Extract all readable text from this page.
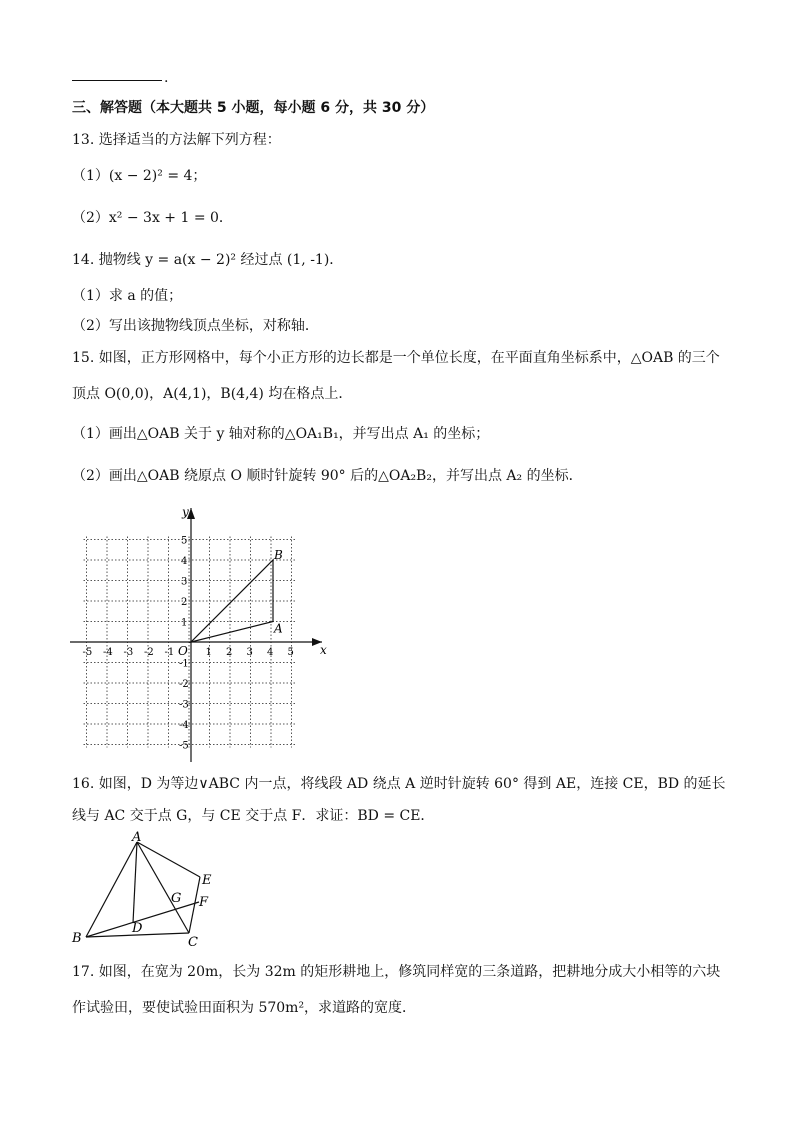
.
三、解答题（本大题共 5 小题，每小题 6 分，共 30 分）
13. 选择适当的方法解下列方程：
（1）(x − 2)² = 4；
（2）x² − 3x + 1 = 0．
14. 抛物线 y = a(x − 2)² 经过点 (1, -1)．
（1）求 a 的值；
（2）写出该抛物线顶点坐标，对称轴．
15. 如图，正方形网格中，每个小正方形的边长都是一个单位长度，在平面直角坐标系中，△OAB 的三个
顶点 O(0,0)，A(4,1)，B(4,4) 均在格点上．
（1）画出△OAB 关于 y 轴对称的△OA₁B₁，并写出点 A₁ 的坐标；
（2）画出△OAB 绕原点 O 顺时针旋转 90° 后的△OA₂B₂，并写出点 A₂ 的坐标．
-5 -4 -3 -2 -1	1 2 3 4 5
5
4
3
2
1
-1
-2
-3
-4
-5
x
y
O
A
B
16. 如图，D 为等边∨ABC 内一点，将线段 AD 绕点 A 逆时针旋转 60° 得到 AE，连接 CE，BD 的延长
线与 AC 交于点 G，与 CE 交于点 F．求证：BD = CE．
A
B	C
D
E
F
G
17. 如图，在宽为 20m，长为 32m 的矩形耕地上，修筑同样宽的三条道路，把耕地分成大小相等的六块
作试验田，要使试验田面积为 570m²，求道路的宽度．
